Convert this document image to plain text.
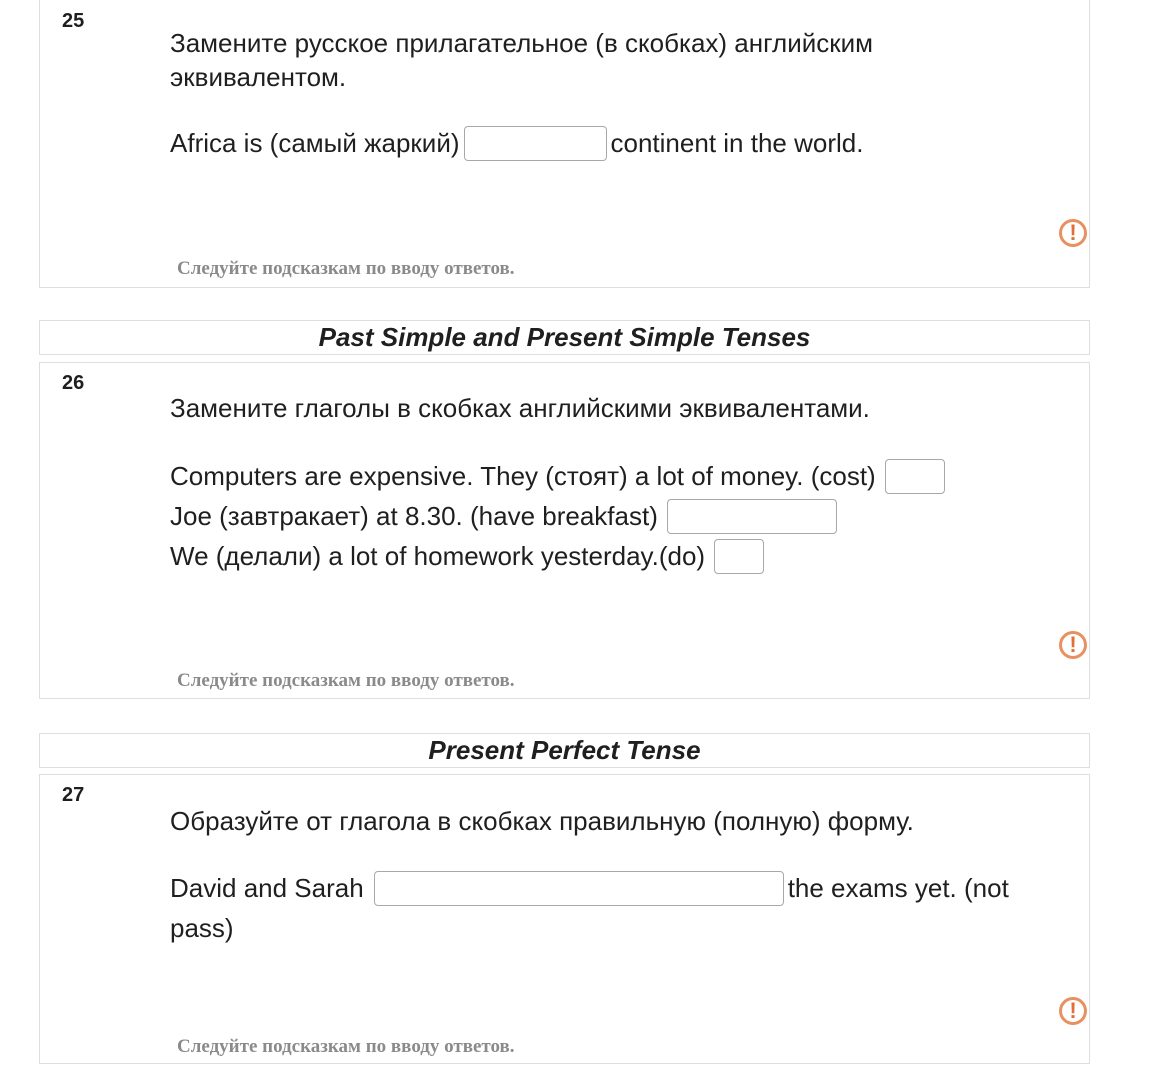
25
Замените русское прилагательное (в скобках) английским эквивалентом.
Africa is (самый жаркий)	continent in the world.
!
Следуйте подсказкам по вводу ответов.
Past Simple and Present Simple Tenses
26
Замените глаголы в скобках английскими эквивалентами.
Computers are expensive. They (стоят) a lot of money. (cost)
Joe (завтракает) at 8.30. (have breakfast)
We (делали) a lot of homework yesterday.(do)
!
Следуйте подсказкам по вводу ответов.
Present Perfect Tense
27
Образуйте от глагола в скобках правильную (полную) форму.
David and Sarah	the exams yet. (not
pass)
!
Следуйте подсказкам по вводу ответов.
